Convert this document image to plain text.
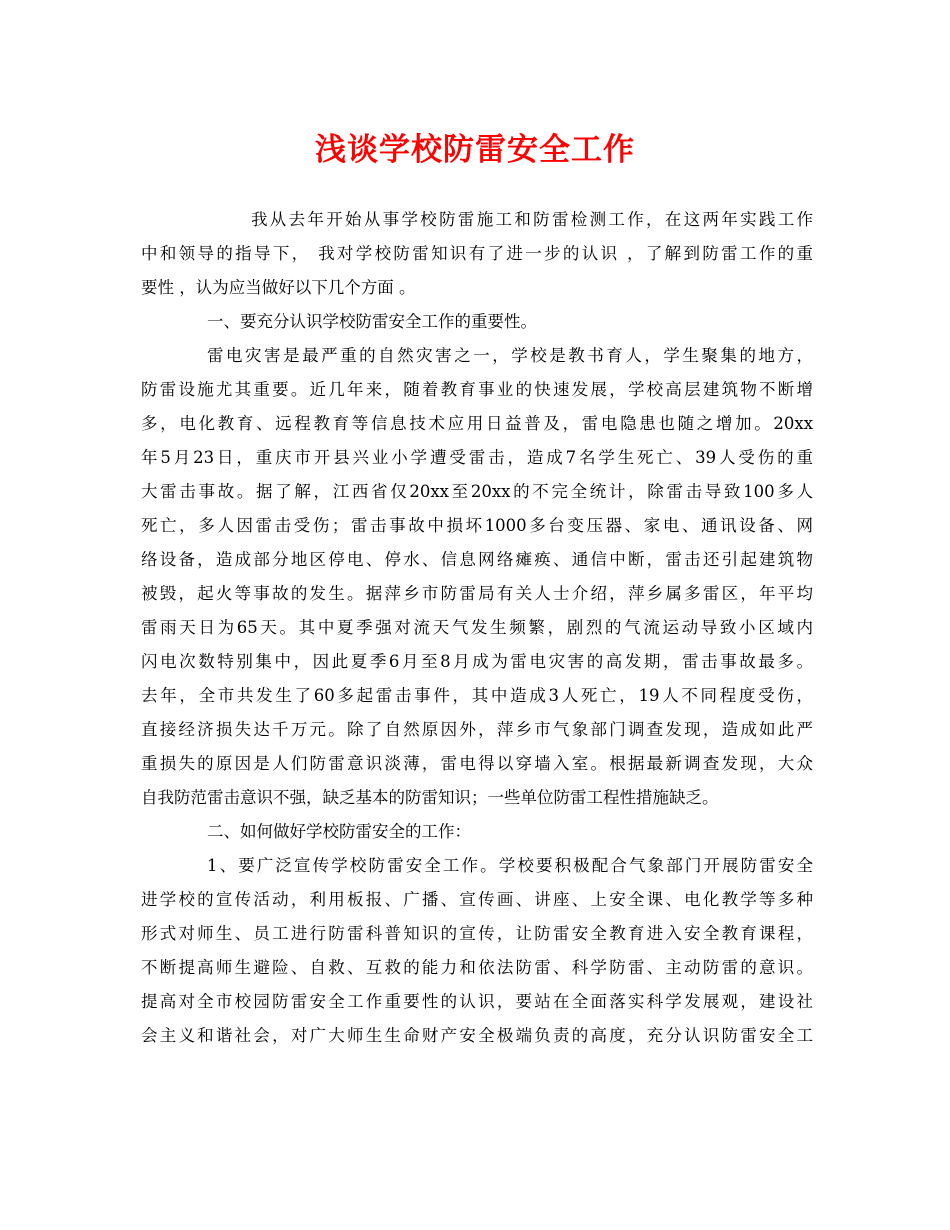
浅谈学校防雷安全工作
我从去年开始从事学校防雷施工和防雷检测工作，在这两年实践工作
中和领导的指导下， 我对学校防雷知识有了进一步的认识 ，了解到防雷工作的重
要性 ，认为应当做好以下几个方面 。
一、要充分认识学校防雷安全工作的重要性。
雷电灾害是最严重的自然灾害之一，学校是教书育人，学生聚集的地方，
防雷设施尤其重要。近几年来，随着教育事业的快速发展，学校高层建筑物不断增
多，电化教育、远程教育等信息技术应用日益普及，雷电隐患也随之增加。20xx
年5月23日，重庆市开县兴业小学遭受雷击，造成7名学生死亡、39人受伤的重
大雷击事故。据了解，江西省仅20xx至20xx的不完全统计，除雷击导致100多人
死亡，多人因雷击受伤；雷击事故中损坏1000多台变压器、家电、通讯设备、网
络设备，造成部分地区停电、停水、信息网络瘫痪、通信中断，雷击还引起建筑物
被毁，起火等事故的发生。据萍乡市防雷局有关人士介绍，萍乡属多雷区，年平均
雷雨天日为65天。其中夏季强对流天气发生频繁，剧烈的气流运动导致小区域内
闪电次数特别集中，因此夏季6月至8月成为雷电灾害的高发期，雷击事故最多。
去年，全市共发生了60多起雷击事件，其中造成3人死亡，19人不同程度受伤，
直接经济损失达千万元。除了自然原因外，萍乡市气象部门调查发现，造成如此严
重损失的原因是人们防雷意识淡薄，雷电得以穿墙入室。根据最新调查发现，大众
自我防范雷击意识不强，缺乏基本的防雷知识；一些单位防雷工程性措施缺乏。
二、如何做好学校防雷安全的工作：
1、要广泛宣传学校防雷安全工作。学校要积极配合气象部门开展防雷安全
进学校的宣传活动，利用板报、广播、宣传画、讲座、上安全课、电化教学等多种
形式对师生、员工进行防雷科普知识的宣传，让防雷安全教育进入安全教育课程，
不断提高师生避险、自救、互救的能力和依法防雷、科学防雷、主动防雷的意识。
提高对全市校园防雷安全工作重要性的认识，要站在全面落实科学发展观，建设社
会主义和谐社会，对广大师生生命财产安全极端负责的高度，充分认识防雷安全工
